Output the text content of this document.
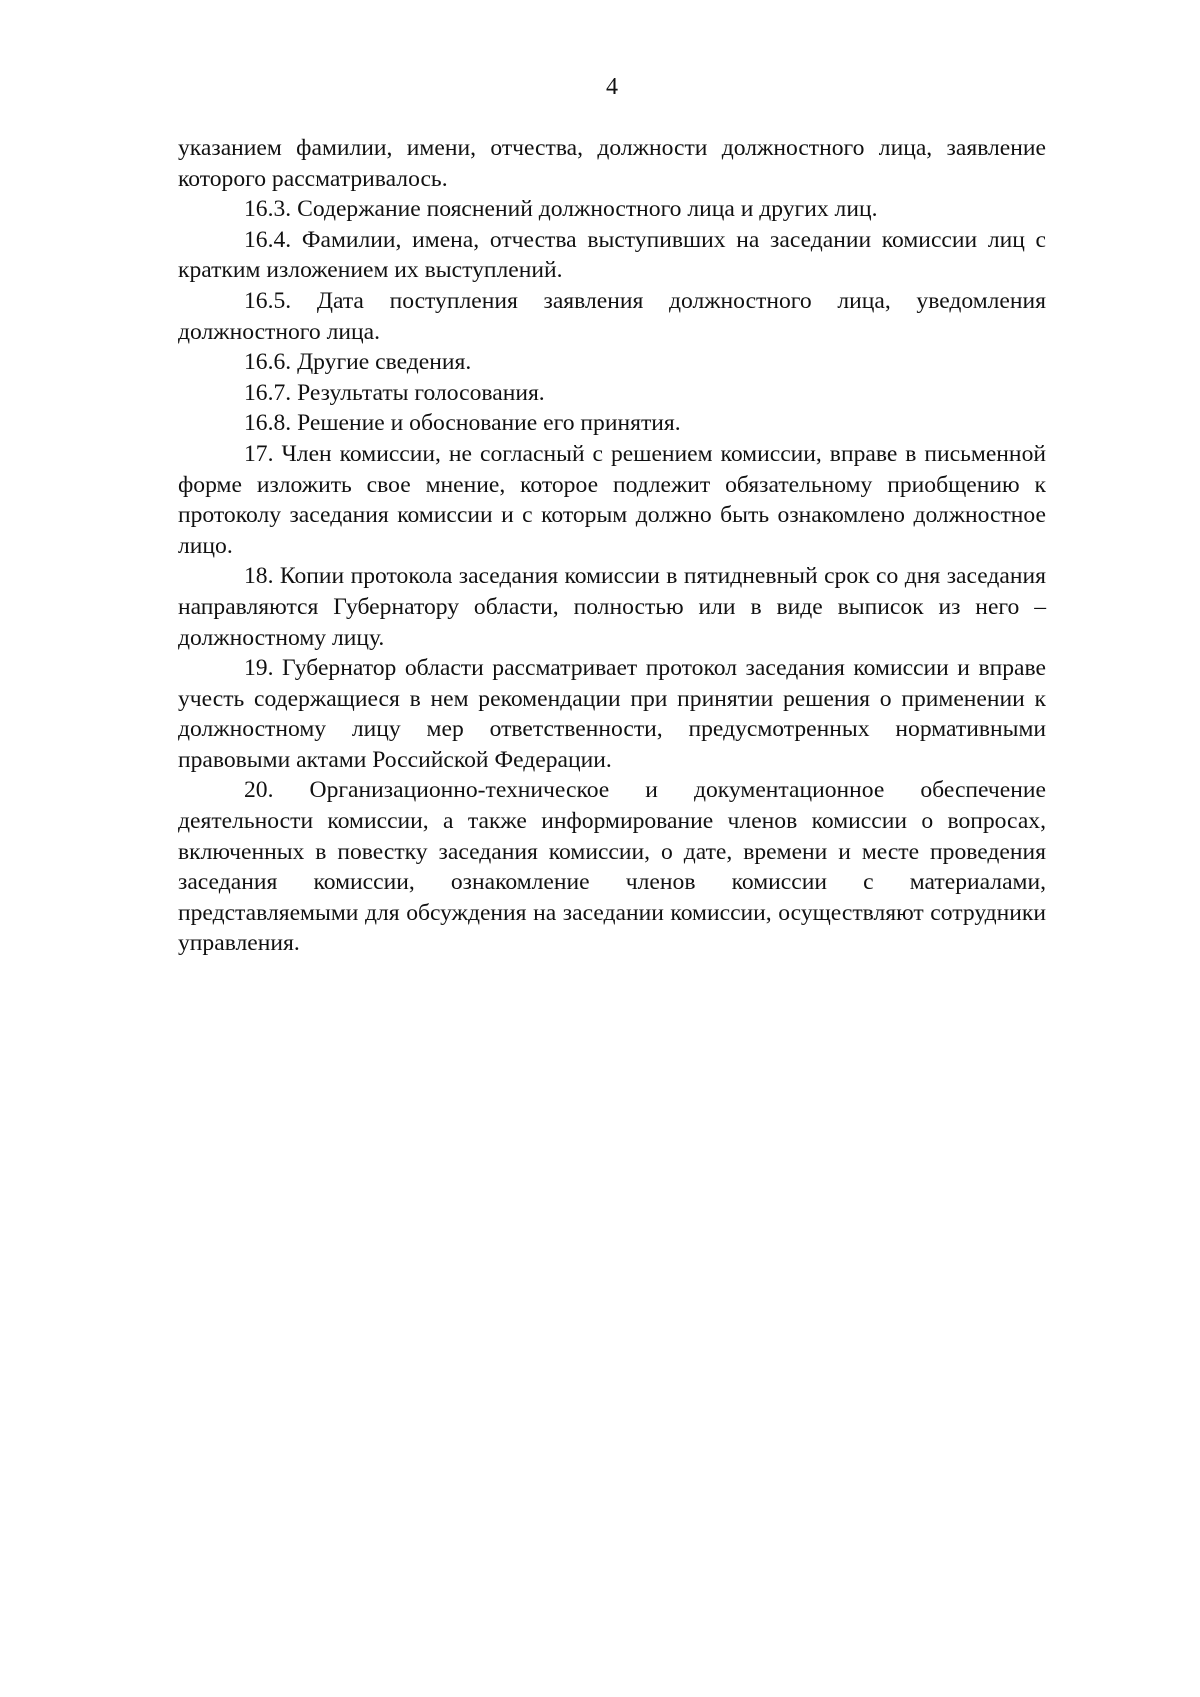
4

указанием фамилии, имени, отчества, должности должностного лица, заявление которого рассматривалось.

16.3. Содержание пояснений должностного лица и других лиц.

16.4. Фамилии, имена, отчества выступивших на заседании комиссии лиц с кратким изложением их выступлений.

16.5. Дата поступления заявления должностного лица, уведомления должностного лица.

16.6. Другие сведения.

16.7. Результаты голосования.

16.8. Решение и обоснование его принятия.

17. Член комиссии, не согласный с решением комиссии, вправе в письменной форме изложить свое мнение, которое подлежит обязательному приобщению к протоколу заседания комиссии и с которым должно быть ознакомлено должностное лицо.

18. Копии протокола заседания комиссии в пятидневный срок со дня заседания направляются Губернатору области, полностью или в виде выписок из него – должностному лицу.

19. Губернатор области рассматривает протокол заседания комиссии и вправе учесть содержащиеся в нем рекомендации при принятии решения о применении к должностному лицу мер ответственности, предусмотренных нормативными правовыми актами Российской Федерации.

20. Организационно-техническое и документационное обеспечение деятельности комиссии, а также информирование членов комиссии о вопросах, включенных в повестку заседания комиссии, о дате, времени и месте проведения заседания комиссии, ознакомление членов комиссии с материалами, представляемыми для обсуждения на заседании комиссии, осуществляют сотрудники управления.
